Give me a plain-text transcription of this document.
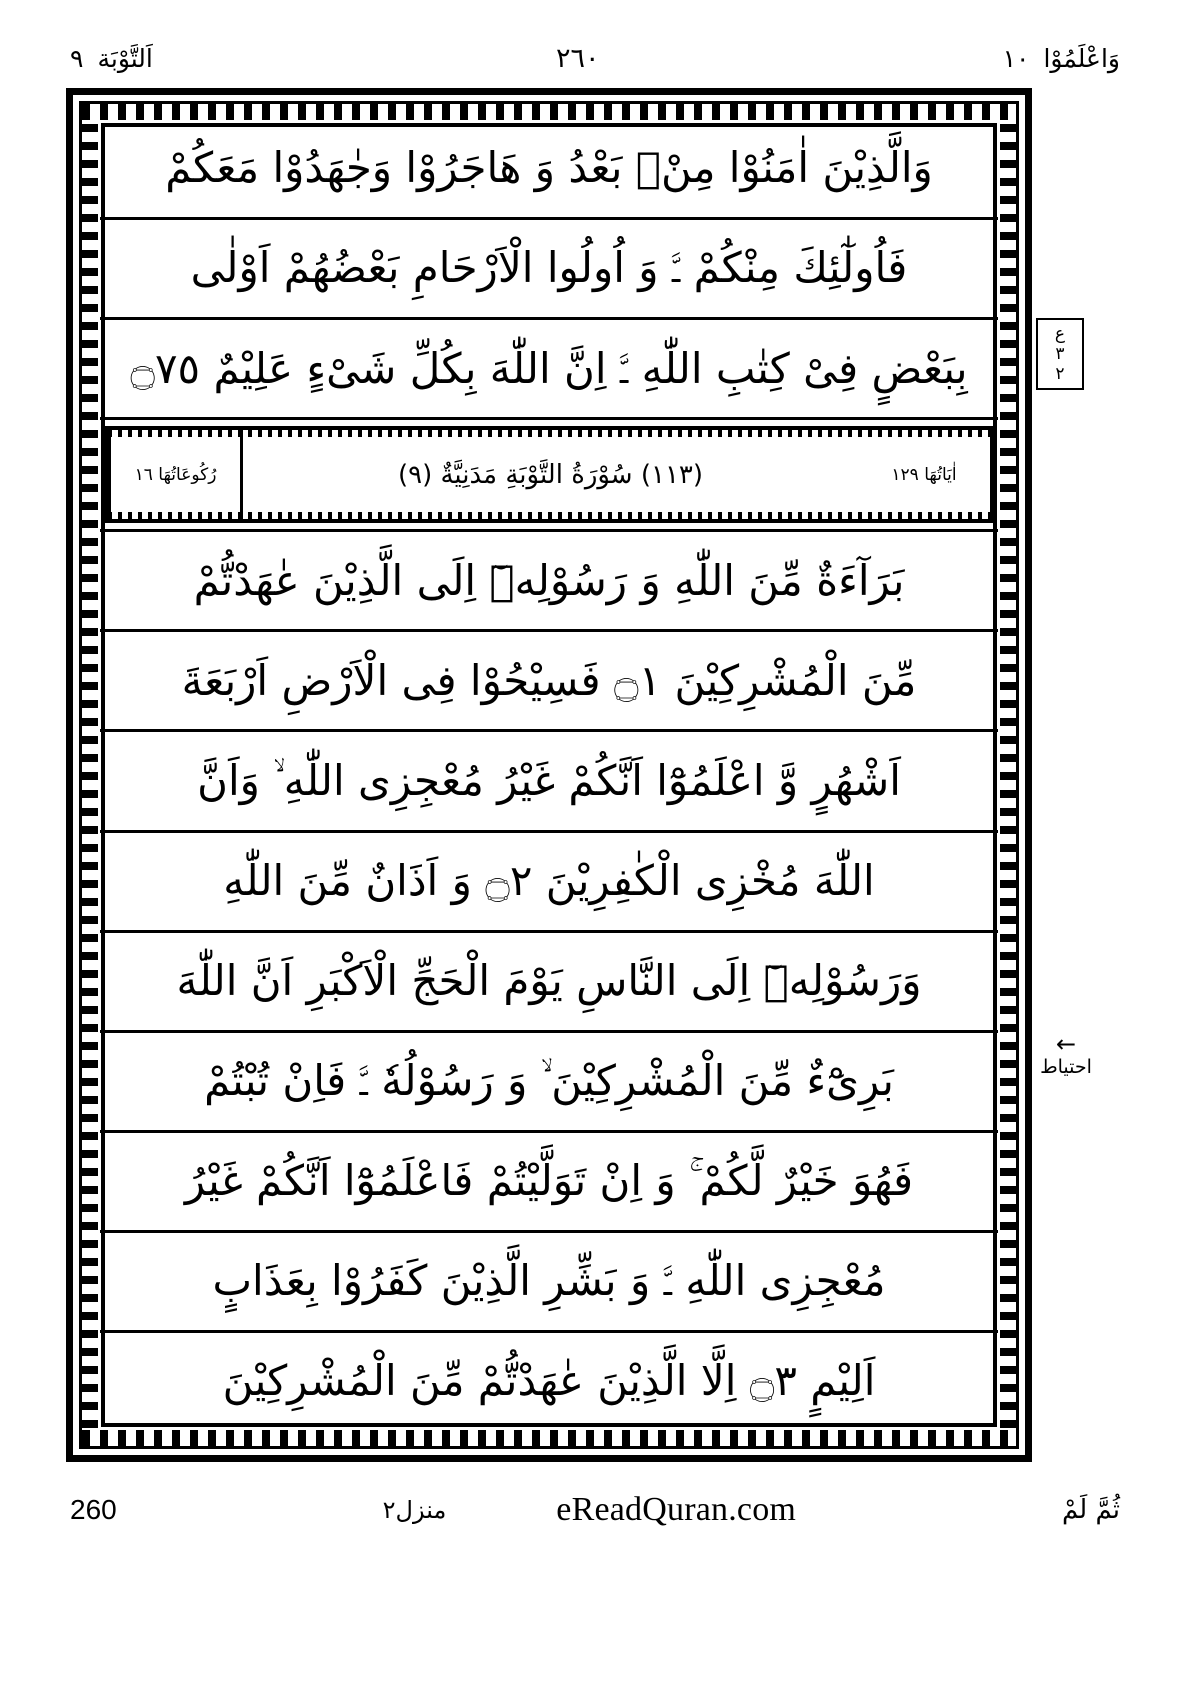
وَاعْلَمُوْا
١٠
٢٦٠
اَلتَّوْبَة
٩
ع
٣
٢
←
احتیاط
وَالَّذِيْنَ اٰمَنُوْا مِنْۢ بَعْدُ وَ هَاجَرُوْا وَجٰهَدُوْا مَعَكُمْ
فَاُولٰٓئِكَ مِنْكُمْ ﳲ وَ اُولُوا الْاَرْحَامِ بَعْضُهُمْ اَوْلٰى
بِبَعْضٍ فِىْ كِتٰبِ اللّٰهِ ﳲ اِنَّ اللّٰهَ بِكُلِّ شَىْءٍ عَلِيْمٌ ۝٧٥
رُكُوعَاتُهَا ١٦	(١١٣) سُوْرَةُ التَّوْبَةِ مَدَنِيَّةٌ (٩)	اٰيَاتُهَا ١٢٩
بَرَآءَةٌ مِّنَ اللّٰهِ وَ رَسُوْلِهٖٓ اِلَى الَّذِيْنَ عٰهَدْتُّمْ
مِّنَ الْمُشْرِكِيْنَ ۝١ فَسِيْحُوْا فِى الْاَرْضِ اَرْبَعَةَ
اَشْهُرٍ وَّ اعْلَمُوْٓا اَنَّكُمْ غَيْرُ مُعْجِزِى اللّٰهِ ۙ وَاَنَّ
اللّٰهَ مُخْزِى الْكٰفِرِيْنَ ۝٢ وَ اَذَانٌ مِّنَ اللّٰهِ
وَرَسُوْلِهٖٓ اِلَى النَّاسِ يَوْمَ الْحَجِّ الْاَكْبَرِ اَنَّ اللّٰهَ
بَرِىْٓءٌ مِّنَ الْمُشْرِكِيْنَ ۙ وَ رَسُوْلُهٗ ﳲ فَاِنْ تُبْتُمْ
فَهُوَ خَيْرٌ لَّكُمْ ۚ وَ اِنْ تَوَلَّيْتُمْ فَاعْلَمُوْٓا اَنَّكُمْ غَيْرُ
مُعْجِزِى اللّٰهِ ﳲ وَ بَشِّرِ الَّذِيْنَ كَفَرُوْا بِعَذَابٍ
اَلِيْمٍ ۝٣ اِلَّا الَّذِيْنَ عٰهَدْتُّمْ مِّنَ الْمُشْرِكِيْنَ
ثُمَّ لَمْ
منزل٢	eReadQuran.com
260
